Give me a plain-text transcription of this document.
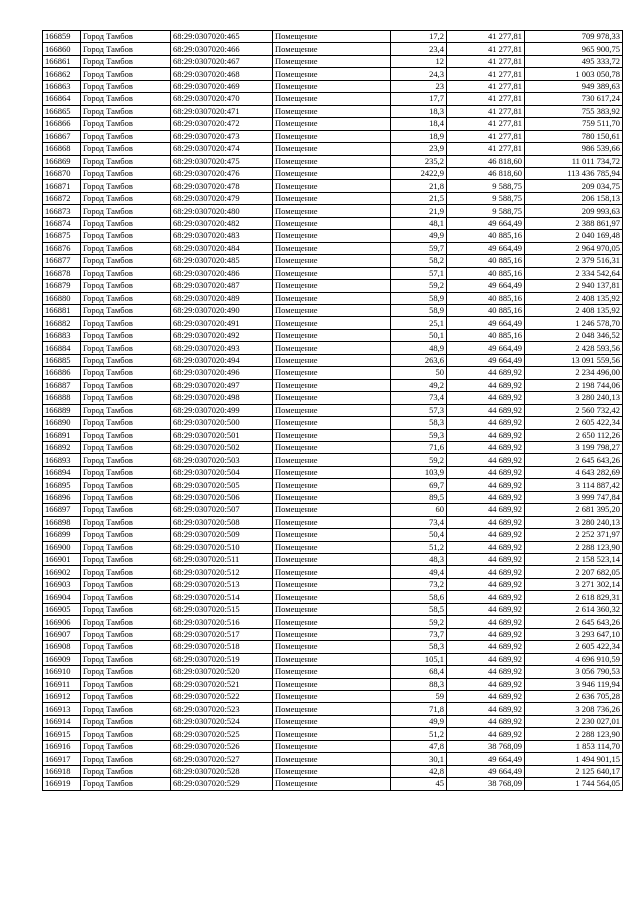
166859	Город Тамбов	68:29:0307020:465	Помещение	17,2	41 277,81	709 978,33
166860	Город Тамбов	68:29:0307020:466	Помещение	23,4	41 277,81	965 900,75
166861	Город Тамбов	68:29:0307020:467	Помещение	12	41 277,81	495 333,72
166862	Город Тамбов	68:29:0307020:468	Помещение	24,3	41 277,81	1 003 050,78
166863	Город Тамбов	68:29:0307020:469	Помещение	23	41 277,81	949 389,63
166864	Город Тамбов	68:29:0307020:470	Помещение	17,7	41 277,81	730 617,24
166865	Город Тамбов	68:29:0307020:471	Помещение	18,3	41 277,81	755 383,92
166866	Город Тамбов	68:29:0307020:472	Помещение	18,4	41 277,81	759 511,70
166867	Город Тамбов	68:29:0307020:473	Помещение	18,9	41 277,81	780 150,61
166868	Город Тамбов	68:29:0307020:474	Помещение	23,9	41 277,81	986 539,66
166869	Город Тамбов	68:29:0307020:475	Помещение	235,2	46 818,60	11 011 734,72
166870	Город Тамбов	68:29:0307020:476	Помещение	2422,9	46 818,60	113 436 785,94
166871	Город Тамбов	68:29:0307020:478	Помещение	21,8	9 588,75	209 034,75
166872	Город Тамбов	68:29:0307020:479	Помещение	21,5	9 588,75	206 158,13
166873	Город Тамбов	68:29:0307020:480	Помещение	21,9	9 588,75	209 993,63
166874	Город Тамбов	68:29:0307020:482	Помещение	48,1	49 664,49	2 388 861,97
166875	Город Тамбов	68:29:0307020:483	Помещение	49,9	40 885,16	2 040 169,48
166876	Город Тамбов	68:29:0307020:484	Помещение	59,7	49 664,49	2 964 970,05
166877	Город Тамбов	68:29:0307020:485	Помещение	58,2	40 885,16	2 379 516,31
166878	Город Тамбов	68:29:0307020:486	Помещение	57,1	40 885,16	2 334 542,64
166879	Город Тамбов	68:29:0307020:487	Помещение	59,2	49 664,49	2 940 137,81
166880	Город Тамбов	68:29:0307020:489	Помещение	58,9	40 885,16	2 408 135,92
166881	Город Тамбов	68:29:0307020:490	Помещение	58,9	40 885,16	2 408 135,92
166882	Город Тамбов	68:29:0307020:491	Помещение	25,1	49 664,49	1 246 578,70
166883	Город Тамбов	68:29:0307020:492	Помещение	50,1	40 885,16	2 048 346,52
166884	Город Тамбов	68:29:0307020:493	Помещение	48,9	49 664,49	2 428 593,56
166885	Город Тамбов	68:29:0307020:494	Помещение	263,6	49 664,49	13 091 559,56
166886	Город Тамбов	68:29:0307020:496	Помещение	50	44 689,92	2 234 496,00
166887	Город Тамбов	68:29:0307020:497	Помещение	49,2	44 689,92	2 198 744,06
166888	Город Тамбов	68:29:0307020:498	Помещение	73,4	44 689,92	3 280 240,13
166889	Город Тамбов	68:29:0307020:499	Помещение	57,3	44 689,92	2 560 732,42
166890	Город Тамбов	68:29:0307020:500	Помещение	58,3	44 689,92	2 605 422,34
166891	Город Тамбов	68:29:0307020:501	Помещение	59,3	44 689,92	2 650 112,26
166892	Город Тамбов	68:29:0307020:502	Помещение	71,6	44 689,92	3 199 798,27
166893	Город Тамбов	68:29:0307020:503	Помещение	59,2	44 689,92	2 645 643,26
166894	Город Тамбов	68:29:0307020:504	Помещение	103,9	44 689,92	4 643 282,69
166895	Город Тамбов	68:29:0307020:505	Помещение	69,7	44 689,92	3 114 887,42
166896	Город Тамбов	68:29:0307020:506	Помещение	89,5	44 689,92	3 999 747,84
166897	Город Тамбов	68:29:0307020:507	Помещение	60	44 689,92	2 681 395,20
166898	Город Тамбов	68:29:0307020:508	Помещение	73,4	44 689,92	3 280 240,13
166899	Город Тамбов	68:29:0307020:509	Помещение	50,4	44 689,92	2 252 371,97
166900	Город Тамбов	68:29:0307020:510	Помещение	51,2	44 689,92	2 288 123,90
166901	Город Тамбов	68:29:0307020:511	Помещение	48,3	44 689,92	2 158 523,14
166902	Город Тамбов	68:29:0307020:512	Помещение	49,4	44 689,92	2 207 682,05
166903	Город Тамбов	68:29:0307020:513	Помещение	73,2	44 689,92	3 271 302,14
166904	Город Тамбов	68:29:0307020:514	Помещение	58,6	44 689,92	2 618 829,31
166905	Город Тамбов	68:29:0307020:515	Помещение	58,5	44 689,92	2 614 360,32
166906	Город Тамбов	68:29:0307020:516	Помещение	59,2	44 689,92	2 645 643,26
166907	Город Тамбов	68:29:0307020:517	Помещение	73,7	44 689,92	3 293 647,10
166908	Город Тамбов	68:29:0307020:518	Помещение	58,3	44 689,92	2 605 422,34
166909	Город Тамбов	68:29:0307020:519	Помещение	105,1	44 689,92	4 696 910,59
166910	Город Тамбов	68:29:0307020:520	Помещение	68,4	44 689,92	3 056 790,53
166911	Город Тамбов	68:29:0307020:521	Помещение	88,3	44 689,92	3 946 119,94
166912	Город Тамбов	68:29:0307020:522	Помещение	59	44 689,92	2 636 705,28
166913	Город Тамбов	68:29:0307020:523	Помещение	71,8	44 689,92	3 208 736,26
166914	Город Тамбов	68:29:0307020:524	Помещение	49,9	44 689,92	2 230 027,01
166915	Город Тамбов	68:29:0307020:525	Помещение	51,2	44 689,92	2 288 123,90
166916	Город Тамбов	68:29:0307020:526	Помещение	47,8	38 768,09	1 853 114,70
166917	Город Тамбов	68:29:0307020:527	Помещение	30,1	49 664,49	1 494 901,15
166918	Город Тамбов	68:29:0307020:528	Помещение	42,8	49 664,49	2 125 640,17
166919	Город Тамбов	68:29:0307020:529	Помещение	45	38 768,09	1 744 564,05
